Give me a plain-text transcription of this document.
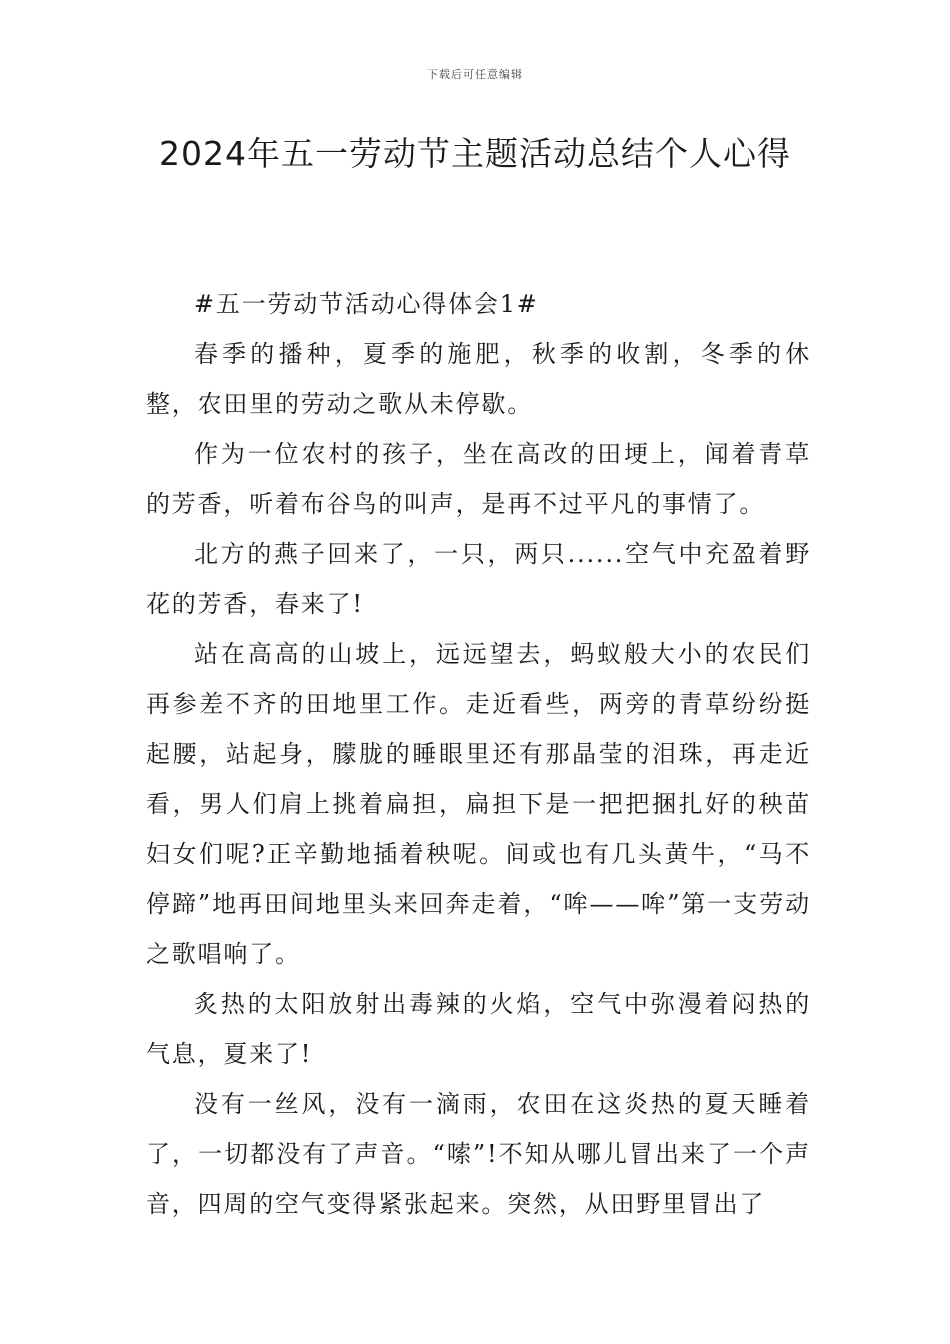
下载后可任意编辑
2024年五一劳动节主题活动总结个人心得

#五一劳动节活动心得体会1#

春季的播种，夏季的施肥，秋季的收割，冬季的休整，农田里的劳动之歌从未停歇。

作为一位农村的孩子，坐在高改的田埂上，闻着青草的芳香，听着布谷鸟的叫声，是再不过平凡的事情了。

北方的燕子回来了，一只，两只......空气中充盈着野花的芳香，春来了!

站在高高的山坡上，远远望去，蚂蚁般大小的农民们再参差不齐的田地里工作。走近看些，两旁的青草纷纷挺起腰，站起身，朦胧的睡眼里还有那晶莹的泪珠，再走近看，男人们肩上挑着扁担，扁担下是一把把捆扎好的秧苗妇女们呢?正辛勤地插着秧呢。间或也有几头黄牛，“马不停蹄”地再田间地里头来回奔走着，“哞——哞”第一支劳动之歌唱响了。

炙热的太阳放射出毒辣的火焰，空气中弥漫着闷热的气息，夏来了!

没有一丝风，没有一滴雨，农田在这炎热的夏天睡着了，一切都没有了声音。“嗦”!不知从哪儿冒出来了一个声音，四周的空气变得紧张起来。突然，从田野里冒出了
